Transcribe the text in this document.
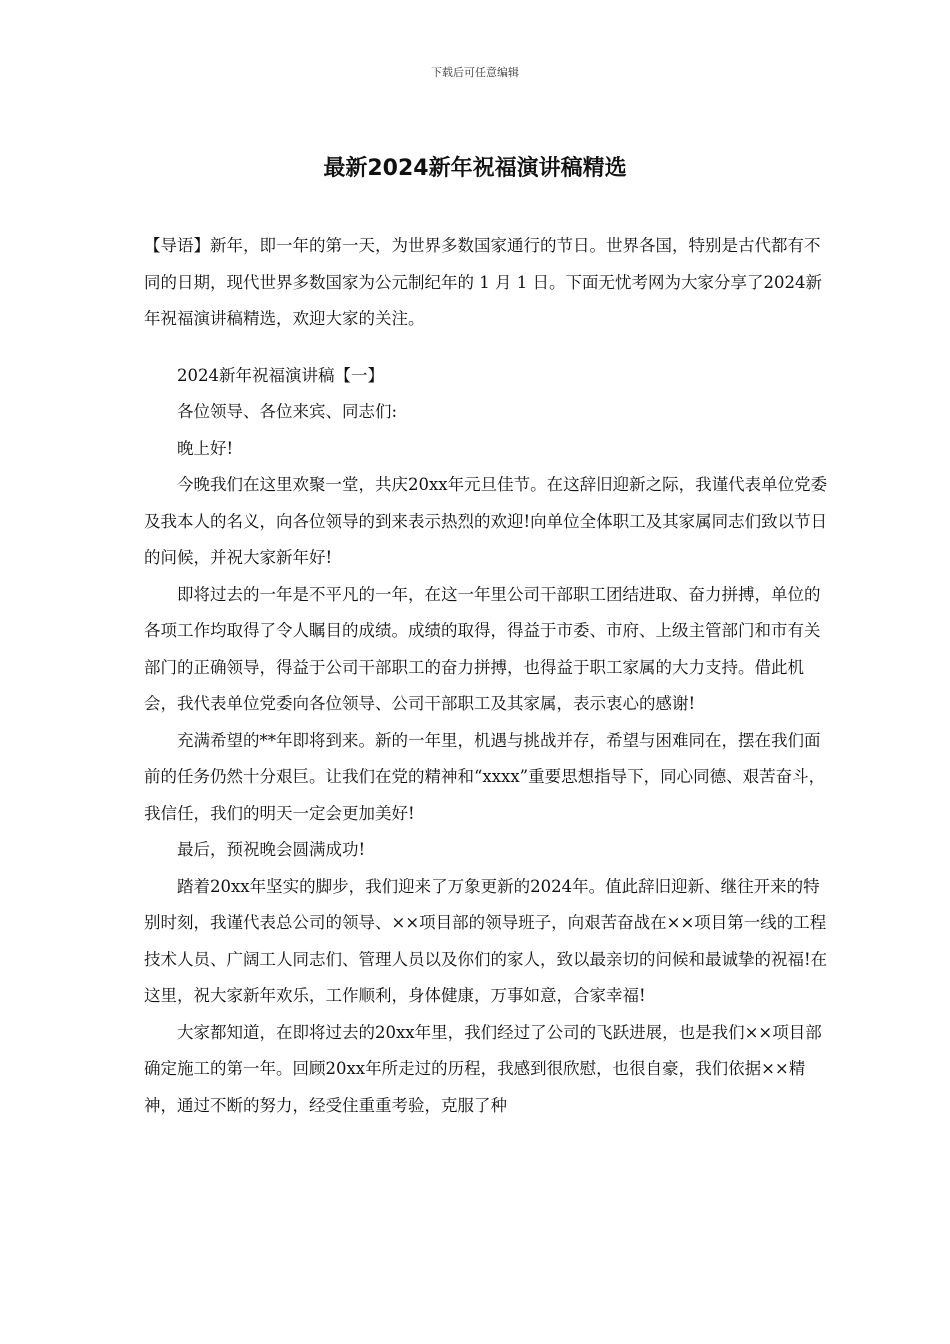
下载后可任意编辑
最新2024新年祝福演讲稿精选

【导语】新年，即一年的第一天，为世界多数国家通行的节日。世界各国，特别是古代都有不同的日期，现代世界多数国家为公元制纪年的 1 月 1 日。下面无忧考网为大家分享了2024新年祝福演讲稿精选，欢迎大家的关注。

2024新年祝福演讲稿【一】

各位领导、各位来宾、同志们:

晚上好!

今晚我们在这里欢聚一堂，共庆20xx年元旦佳节。在这辞旧迎新之际，我谨代表单位党委及我本人的名义，向各位领导的到来表示热烈的欢迎!向单位全体职工及其家属同志们致以节日的问候，并祝大家新年好!

即将过去的一年是不平凡的一年，在这一年里公司干部职工团结进取、奋力拼搏，单位的各项工作均取得了令人瞩目的成绩。成绩的取得，得益于市委、市府、上级主管部门和市有关部门的正确领导，得益于公司干部职工的奋力拼搏，也得益于职工家属的大力支持。借此机会，我代表单位党委向各位领导、公司干部职工及其家属，表示衷心的感谢!

充满希望的**年即将到来。新的一年里，机遇与挑战并存，希望与困难同在，摆在我们面前的任务仍然十分艰巨。让我们在党的精神和“xxxx”重要思想指导下，同心同德、艰苦奋斗，我信任，我们的明天一定会更加美好!

最后，预祝晚会圆满成功!

踏着20xx年坚实的脚步，我们迎来了万象更新的2024年。值此辞旧迎新、继往开来的特别时刻，我谨代表总公司的领导、××项目部的领导班子，向艰苦奋战在××项目第一线的工程技术人员、广阔工人同志们、管理人员以及你们的家人，致以最亲切的问候和最诚挚的祝福!在这里，祝大家新年欢乐，工作顺利，身体健康，万事如意，合家幸福!

大家都知道，在即将过去的20xx年里，我们经过了公司的飞跃进展，也是我们××项目部确定施工的第一年。回顾20xx年所走过的历程，我感到很欣慰，也很自豪，我们依据××精神，通过不断的努力，经受住重重考验，克服了种
